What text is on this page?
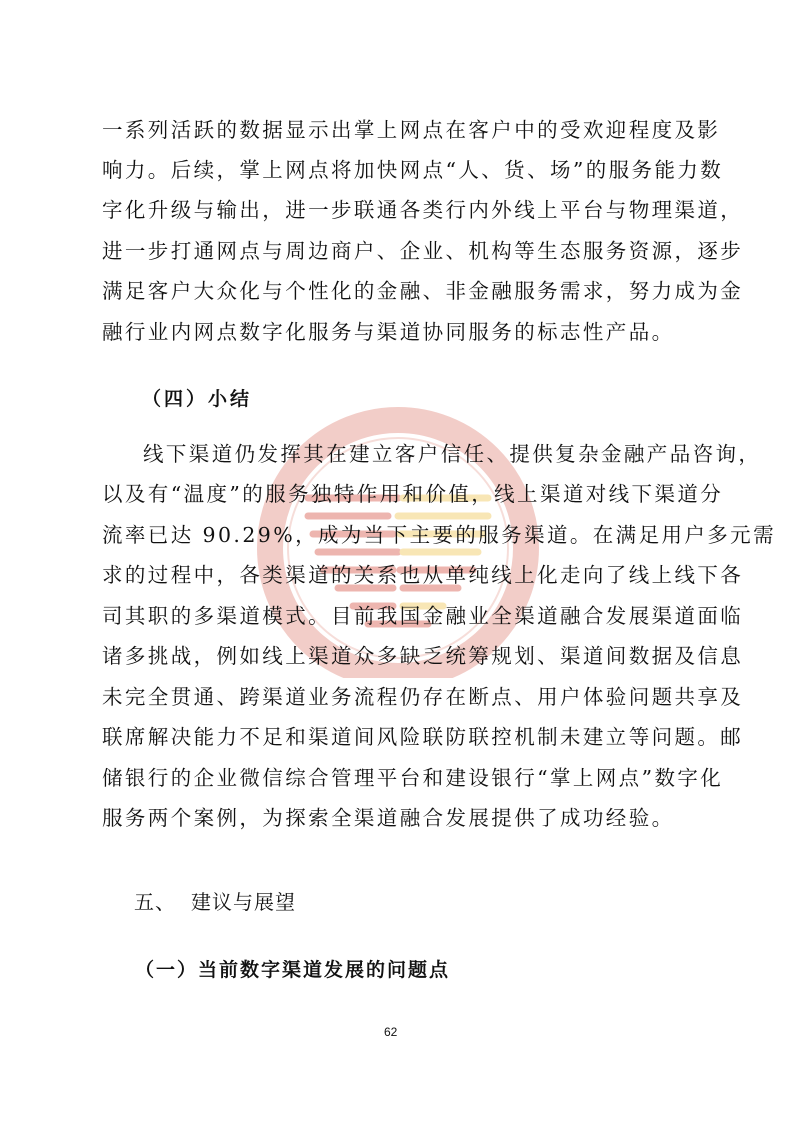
一系列活跃的数据显示出掌上网点在客户中的受欢迎程度及影
响力。后续，掌上网点将加快网点“人、货、场”的服务能力数
字化升级与输出，进一步联通各类行内外线上平台与物理渠道，
进一步打通网点与周边商户、企业、机构等生态服务资源，逐步
满足客户大众化与个性化的金融、非金融服务需求，努力成为金
融行业内网点数字化服务与渠道协同服务的标志性产品。
（四）小结
线下渠道仍发挥其在建立客户信任、提供复杂金融产品咨询，
以及有“温度”的服务独特作用和价值，线上渠道对线下渠道分
流率已达 90.29%，成为当下主要的服务渠道。在满足用户多元需
求的过程中，各类渠道的关系也从单纯线上化走向了线上线下各
司其职的多渠道模式。目前我国金融业全渠道融合发展渠道面临
诸多挑战，例如线上渠道众多缺乏统筹规划、渠道间数据及信息
未完全贯通、跨渠道业务流程仍存在断点、用户体验问题共享及
联席解决能力不足和渠道间风险联防联控机制未建立等问题。邮
储银行的企业微信综合管理平台和建设银行“掌上网点”数字化
服务两个案例，为探索全渠道融合发展提供了成功经验。
五、 建议与展望
（一）当前数字渠道发展的问题点
62
